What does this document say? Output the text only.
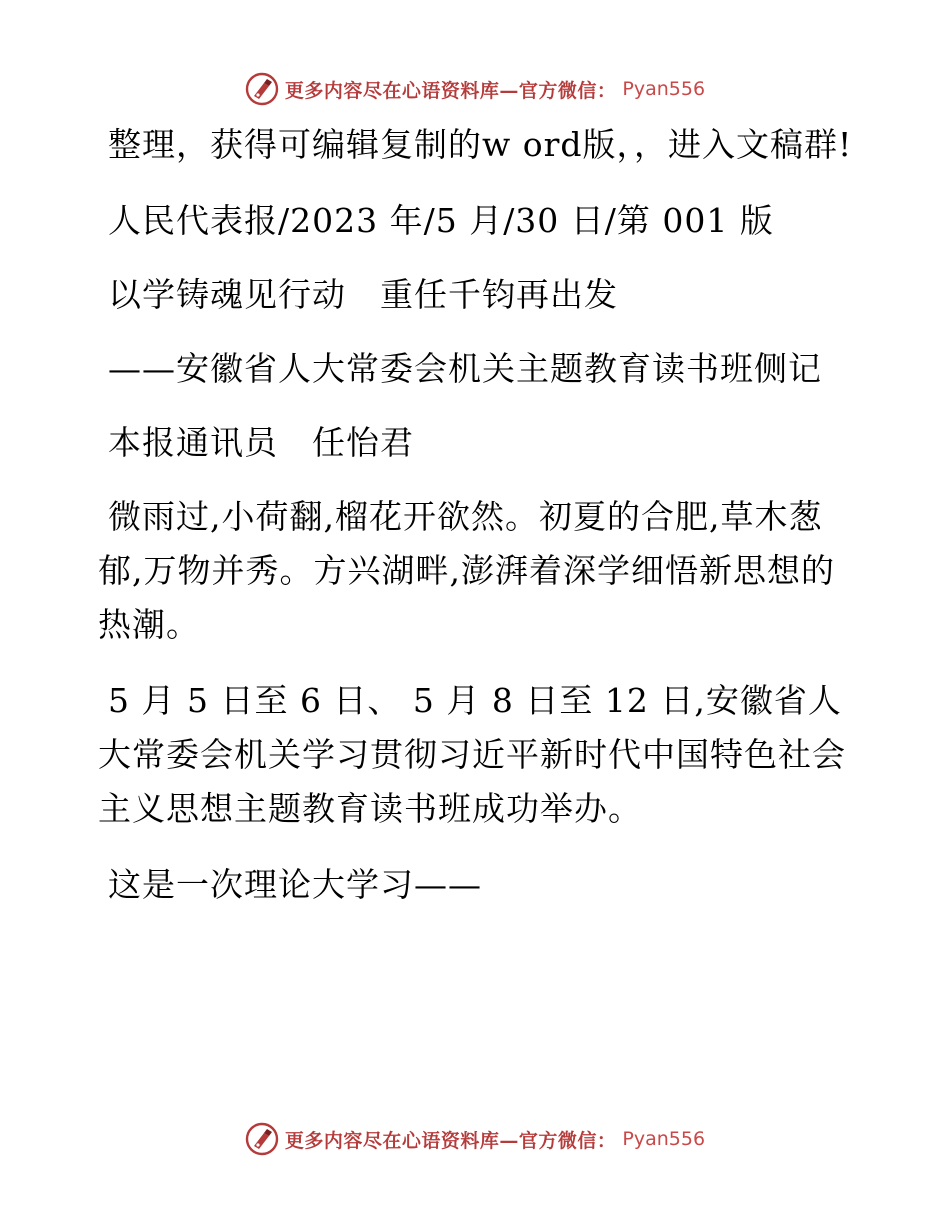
更多内容尽在心语资料库—官方微信： Pyan556

整理，获得可编辑复制的w ord版，，进入文稿群!

人民代表报/2023 年/5 月/30 日/第 001 版

以学铸魂见行动　重任千钧再出发

——安徽省人大常委会机关主题教育读书班侧记

本报通讯员　任怡君

微雨过,小荷翻,榴花开欲然。初夏的合肥,草木葱郁,万物并秀。方兴湖畔,澎湃着深学细悟新思想的热潮。

5 月 5 日至 6 日、 5 月 8 日至 12 日,安徽省人大常委会机关学习贯彻习近平新时代中国特色社会主义思想主题教育读书班成功举办。

这是一次理论大学习——

更多内容尽在心语资料库—官方微信： Pyan556
